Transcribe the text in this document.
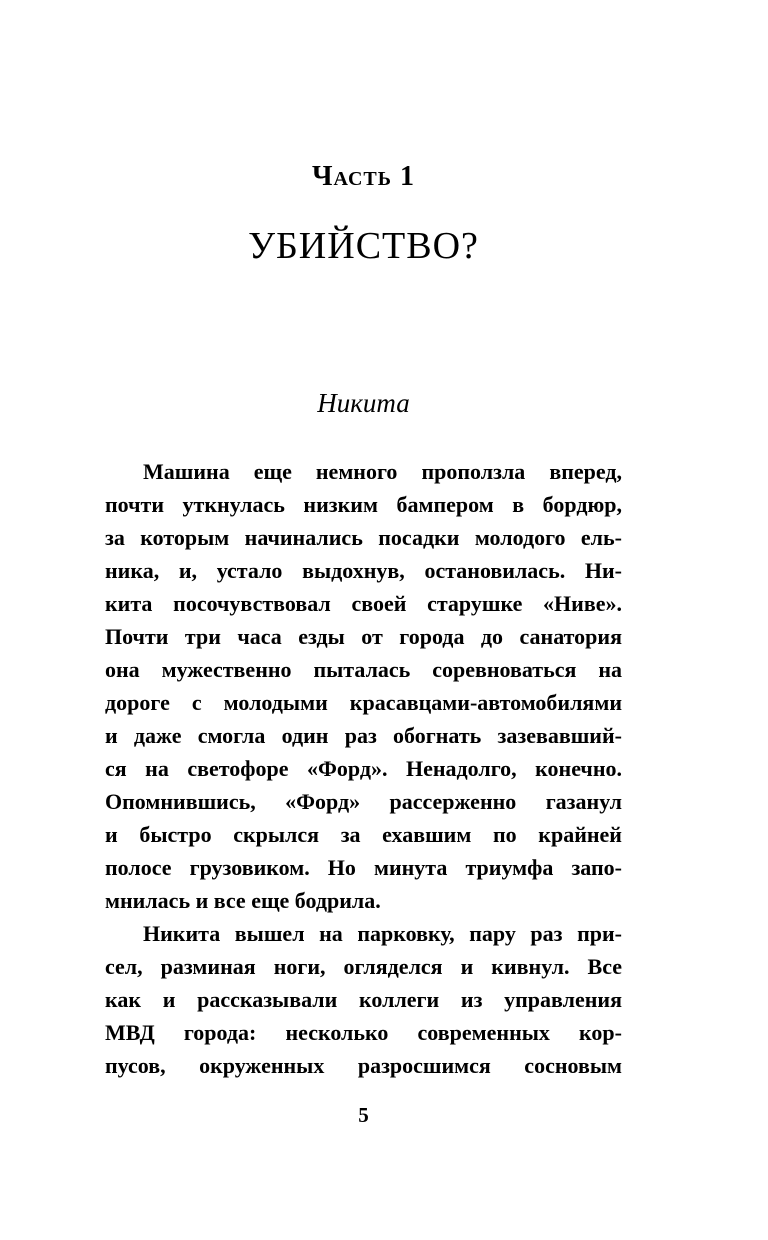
Часть 1
УБИЙСТВО?
Никита
Машина еще немного проползла вперед,
почти уткнулась низким бампером в бордюр,
за которым начинались посадки молодого ель-
ника, и, устало выдохнув, остановилась. Ни-
кита посочувствовал своей старушке «Ниве».
Почти три часа езды от города до санатория
она мужественно пыталась соревноваться на
дороге с молодыми красавцами-автомобилями
и даже смогла один раз обогнать зазевавший-
ся на светофоре «Форд». Ненадолго, конечно.
Опомнившись, «Форд» рассерженно газанул
и быстро скрылся за ехавшим по крайней
полосе грузовиком. Но минута триумфа запо-
мнилась и все еще бодрила.
Никита вышел на парковку, пару раз при-
сел, разминая ноги, огляделся и кивнул. Все
как и рассказывали коллеги из управления
МВД города: несколько современных кор-
пусов, окруженных разросшимся сосновым
5
